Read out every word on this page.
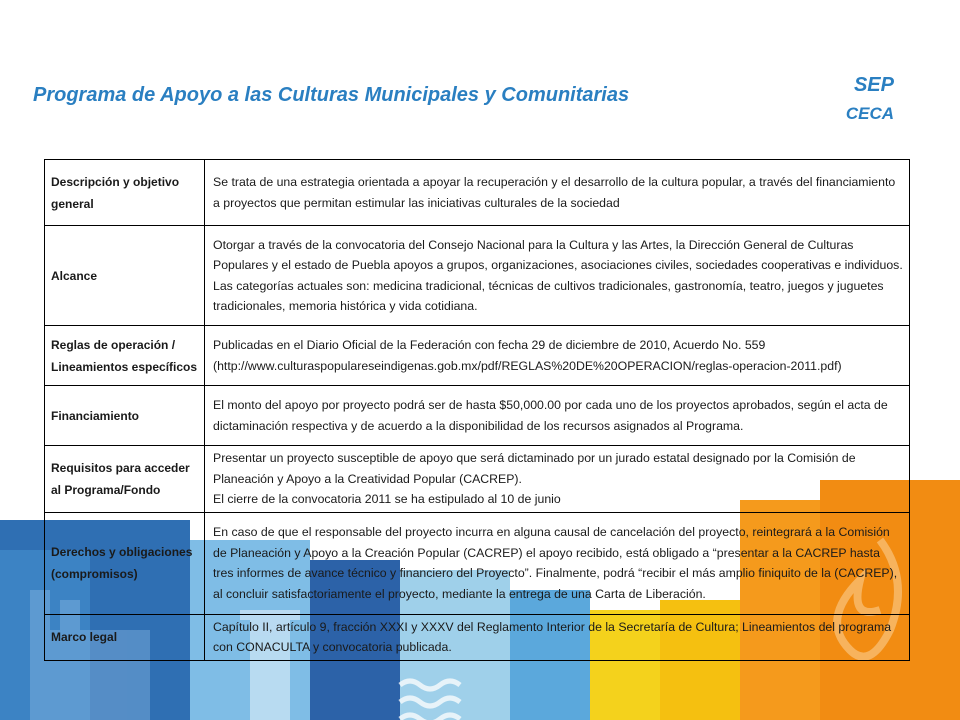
Programa de Apoyo a las Culturas Municipales y Comunitarias	SEP
CECA
Descripción y objetivo general	Se trata de una estrategia orientada a apoyar la recuperación y el desarrollo de la cultura popular, a través del financiamiento a proyectos que permitan estimular las iniciativas culturales de la sociedad
Alcance	Otorgar a través de la convocatoria del Consejo Nacional para la Cultura y las Artes, la Dirección General de Culturas Populares y el estado de Puebla apoyos a grupos, organizaciones, asociaciones civiles, sociedades cooperativas e individuos. Las categorías actuales son: medicina tradicional, técnicas de cultivos tradicionales, gastronomía, teatro, juegos y juguetes tradicionales, memoria histórica y vida cotidiana.
Reglas de operación / Lineamientos específicos	Publicadas en el Diario Oficial de la Federación con fecha 29 de diciembre de 2010, Acuerdo No. 559 (http://www.culturaspopulareseindigenas.gob.mx/pdf/REGLAS%20DE%20OPERACION/reglas-operacion-2011.pdf)
Financiamiento	El monto del apoyo por proyecto podrá ser de hasta $50,000.00 por cada uno de los proyectos aprobados, según el acta de dictaminación respectiva y de acuerdo a la disponibilidad de los recursos asignados al Programa.
Requisitos para acceder al Programa/Fondo	Presentar un proyecto susceptible de apoyo que será dictaminado por un jurado estatal designado por la Comisión de Planeación y Apoyo a la Creatividad Popular (CACREP).
El cierre de la convocatoria 2011 se ha estipulado al 10 de junio

Derechos y obligaciones (compromisos)	En caso de que el responsable del proyecto incurra en alguna causal de cancelación del proyecto, reintegrará a la Comisión de Planeación y Apoyo a la Creación Popular (CACREP) el apoyo recibido, está obligado a “presentar a la CACREP hasta tres informes de avance técnico y financiero del Proyecto”. Finalmente, podrá “recibir el más amplio finiquito de la (CACREP), al concluir satisfactoriamente el proyecto, mediante la entrega de una Carta de Liberación.
Marco legal	Capítulo II, artículo 9, fracción XXXI y XXXV del Reglamento Interior de la Secretaría de Cultura; Lineamientos del programa con CONACULTA y convocatoria publicada.
